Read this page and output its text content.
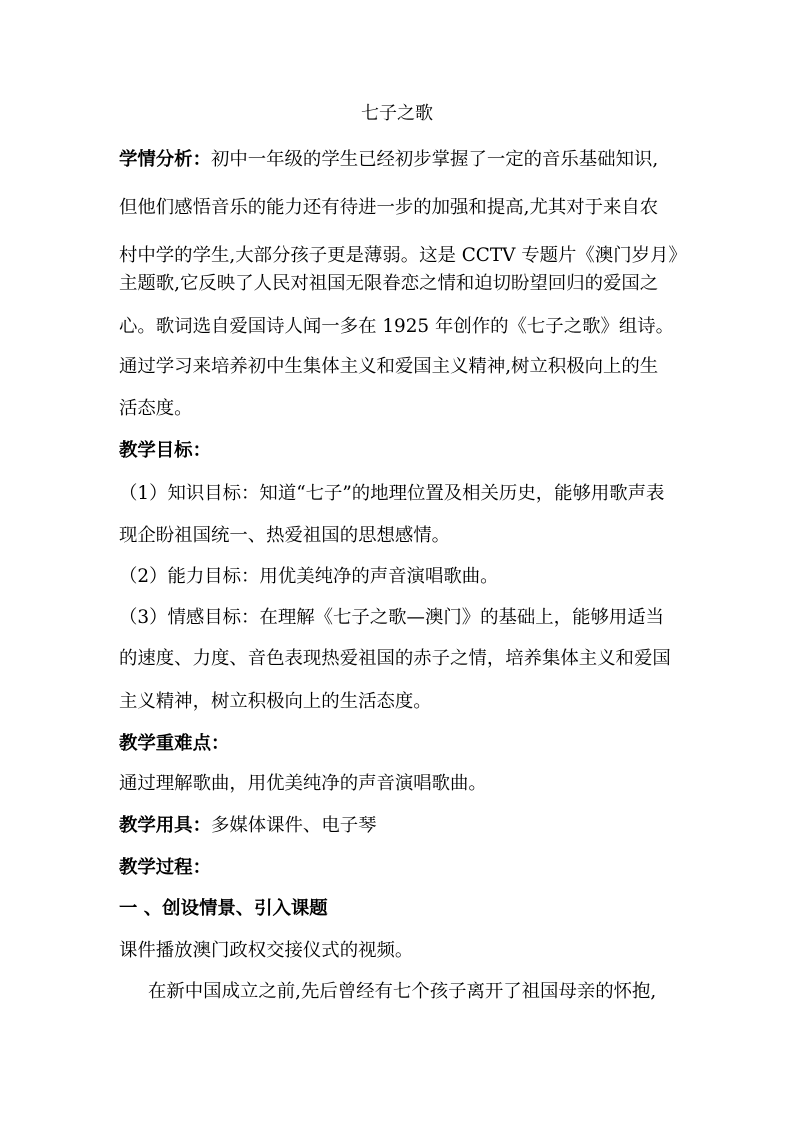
七子之歌
学情分析：初中一年级的学生已经初步掌握了一定的音乐基础知识,
但他们感悟音乐的能力还有待进一步的加强和提高,尤其对于来自农
村中学的学生,大部分孩子更是薄弱。这是 CCTV 专题片《澳门岁月》
主题歌,它反映了人民对祖国无限眷恋之情和迫切盼望回归的爱国之
心。歌词选自爱国诗人闻一多在 1925 年创作的《七子之歌》组诗。
通过学习来培养初中生集体主义和爱国主义精神,树立积极向上的生
活态度。
教学目标：
（1）知识目标：知道“七子”的地理位置及相关历史，能够用歌声表
现企盼祖国统一、热爱祖国的思想感情。
（2）能力目标：用优美纯净的声音演唱歌曲。
（3）情感目标：在理解《七子之歌—澳门》的基础上，能够用适当
的速度、力度、音色表现热爱祖国的赤子之情，培养集体主义和爱国
主义精神，树立积极向上的生活态度。
教学重难点：
通过理解歌曲，用优美纯净的声音演唱歌曲。
教学用具：多媒体课件、电子琴
教学过程：
一 、创设情景、引入课题
课件播放澳门政权交接仪式的视频。
在新中国成立之前,先后曾经有七个孩子离开了祖国母亲的怀抱,
